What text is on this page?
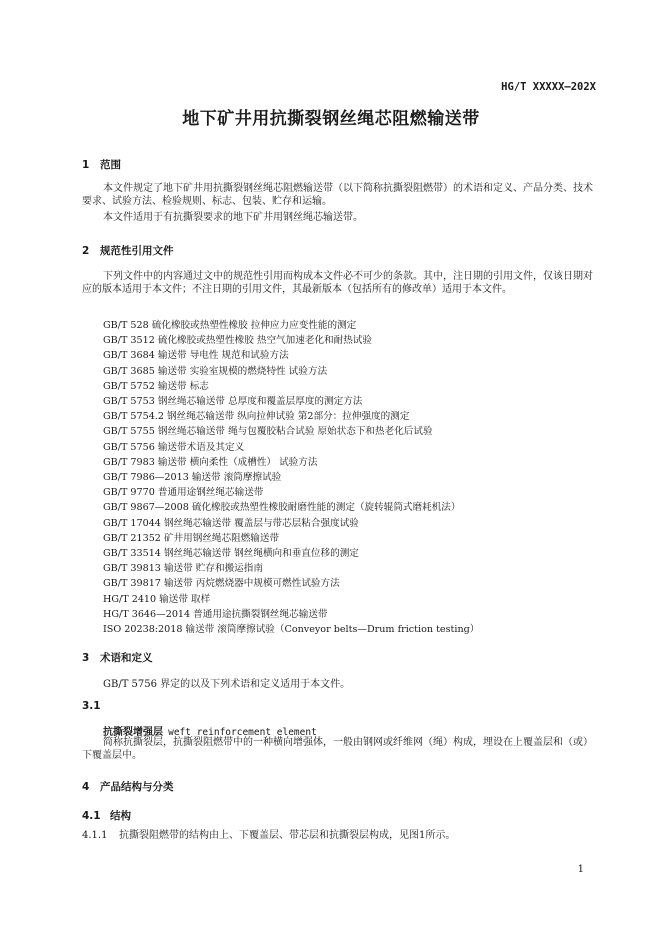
HG/T XXXXX—202X
地下矿井用抗撕裂钢丝绳芯阻燃输送带
1 范围
本文件规定了地下矿井用抗撕裂钢丝绳芯阻燃输送带（以下简称抗撕裂阻燃带）的术语和定义、产品分类、技术要求、试验方法、检验规则、标志、包装、贮存和运输。
本文件适用于有抗撕裂要求的地下矿井用钢丝绳芯输送带。
2 规范性引用文件
下列文件中的内容通过文中的规范性引用而构成本文件必不可少的条款。其中，注日期的引用文件，仅该日期对应的版本适用于本文件；不注日期的引用文件，其最新版本（包括所有的修改单）适用于本文件。
GB/T 528 硫化橡胶或热塑性橡胶 拉伸应力应变性能的测定
GB/T 3512 硫化橡胶或热塑性橡胶 热空气加速老化和耐热试验
GB/T 3684 输送带 导电性 规范和试验方法
GB/T 3685 输送带 实验室规模的燃烧特性 试验方法
GB/T 5752 输送带 标志
GB/T 5753 钢丝绳芯输送带 总厚度和覆盖层厚度的测定方法
GB/T 5754.2 钢丝绳芯输送带 纵向拉伸试验 第2部分：拉伸强度的测定
GB/T 5755 钢丝绳芯输送带 绳与包覆胶粘合试验 原始状态下和热老化后试验
GB/T 5756 输送带术语及其定义
GB/T 7983 输送带 横向柔性（成槽性） 试验方法
GB/T 7986—2013 输送带 滚筒摩擦试验
GB/T 9770 普通用途钢丝绳芯输送带
GB/T 9867—2008 硫化橡胶或热塑性橡胶耐磨性能的测定（旋转辊筒式磨耗机法）
GB/T 17044 钢丝绳芯输送带 覆盖层与带芯层粘合强度试验
GB/T 21352 矿井用钢丝绳芯阻燃输送带
GB/T 33514 钢丝绳芯输送带 钢丝绳横向和垂直位移的测定
GB/T 39813 输送带 贮存和搬运指南
GB/T 39817 输送带 丙烷燃烧器中规模可燃性试验方法
HG/T 2410 输送带 取样
HG/T 3646—2014 普通用途抗撕裂钢丝绳芯输送带
ISO 20238:2018 输送带 滚筒摩擦试验（Conveyor belts—Drum friction testing）
3 术语和定义
GB/T 5756 界定的以及下列术语和定义适用于本文件。
3.1
抗撕裂增强层 weft reinforcement element
简称抗撕裂层，抗撕裂阻燃带中的一种横向增强体，一般由钢网或纤维网（绳）构成，埋设在上覆盖层和（或）下覆盖层中。
4 产品结构与分类
4.1 结构
4.1.1 抗撕裂阻燃带的结构由上、下覆盖层、带芯层和抗撕裂层构成，见图1所示。
1
